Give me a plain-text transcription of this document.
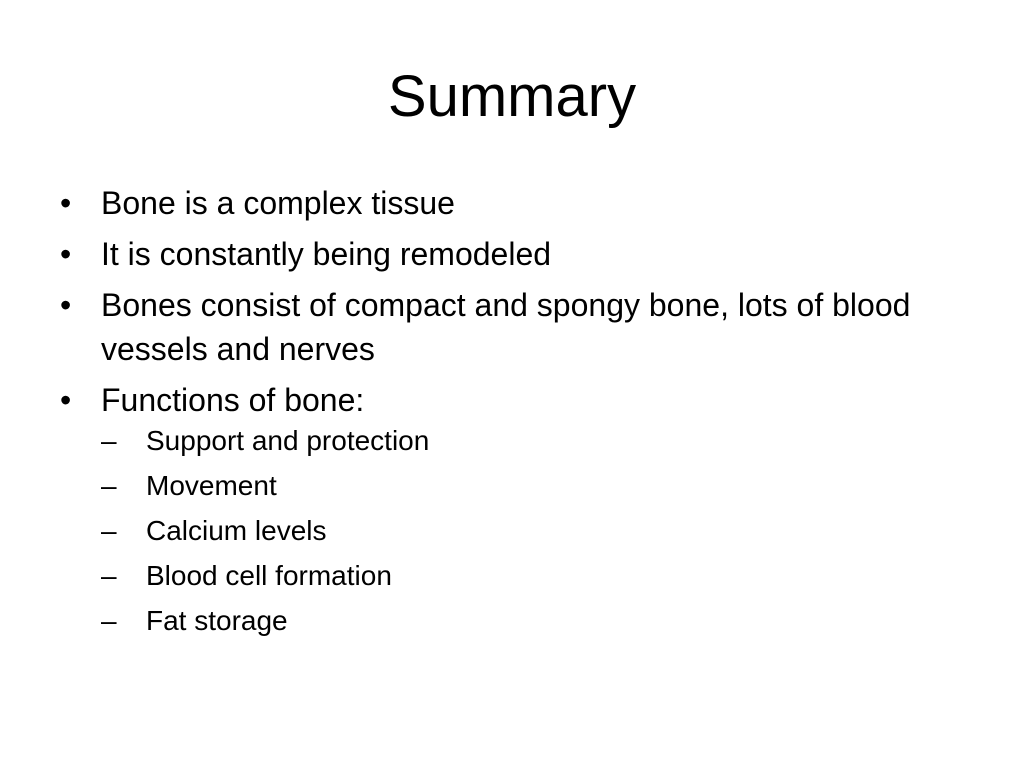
Summary
• Bone is a complex tissue
• It is constantly being remodeled
• Bones consist of compact and spongy bone, lots of blood vessels and nerves
• Functions of bone:
–	Support and protection
–	Movement
–	Calcium levels
–	Blood cell formation
–	Fat storage
